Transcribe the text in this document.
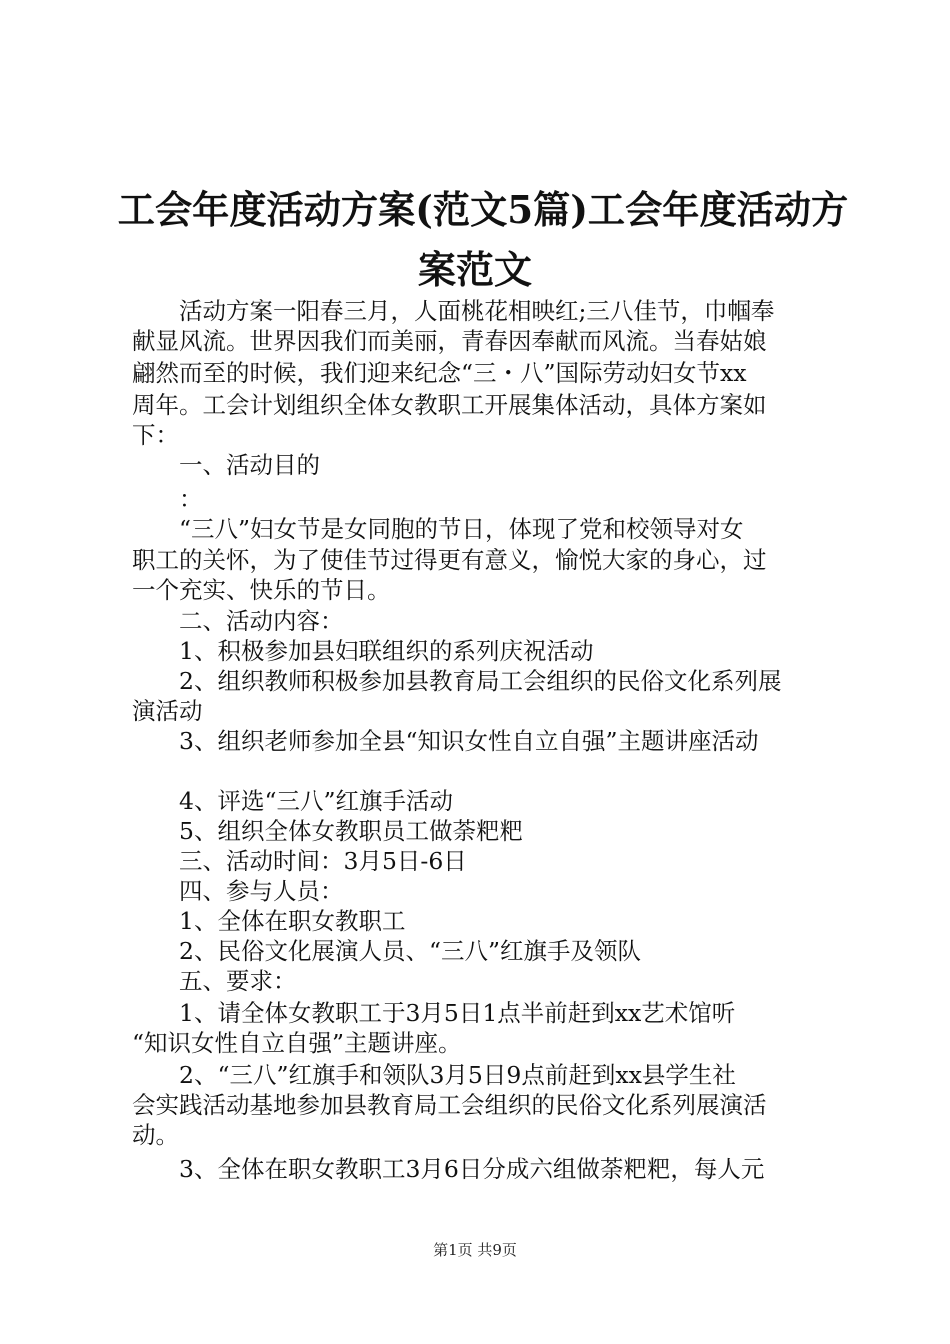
工会年度活动方案(范文5篇)工会年度活动方
案范文
　　活动方案一阳春三月，人面桃花相映红;三八佳节，巾帼奉
献显风流。世界因我们而美丽，青春因奉献而风流。当春姑娘
翩然而至的时候，我们迎来纪念“三・八”国际劳动妇女节xx
周年。工会计划组织全体女教职工开展集体活动，具体方案如
下：
　　一、活动目的
　　：
　　“三八”妇女节是女同胞的节日，体现了党和校领导对女
职工的关怀，为了使佳节过得更有意义，愉悦大家的身心，过
一个充实、快乐的节日。
　　二、活动内容：
　　1、积极参加县妇联组织的系列庆祝活动
　　2、组织教师积极参加县教育局工会组织的民俗文化系列展
演活动
　　3、组织老师参加全县“知识女性自立自强”主题讲座活动
　　4、评选“三八”红旗手活动
　　5、组织全体女教职员工做荼粑粑
　　三、活动时间：3月5日-6日
　　四、参与人员：
　　1、全体在职女教职工
　　2、民俗文化展演人员、“三八”红旗手及领队
　　五、要求：
　　1、请全体女教职工于3月5日1点半前赶到xx艺术馆听
“知识女性自立自强”主题讲座。
　　2、“三八”红旗手和领队3月5日9点前赶到xx县学生社
会实践活动基地参加县教育局工会组织的民俗文化系列展演活
动。
　　3、全体在职女教职工3月6日分成六组做荼粑粑，每人元
第1页 共9页
